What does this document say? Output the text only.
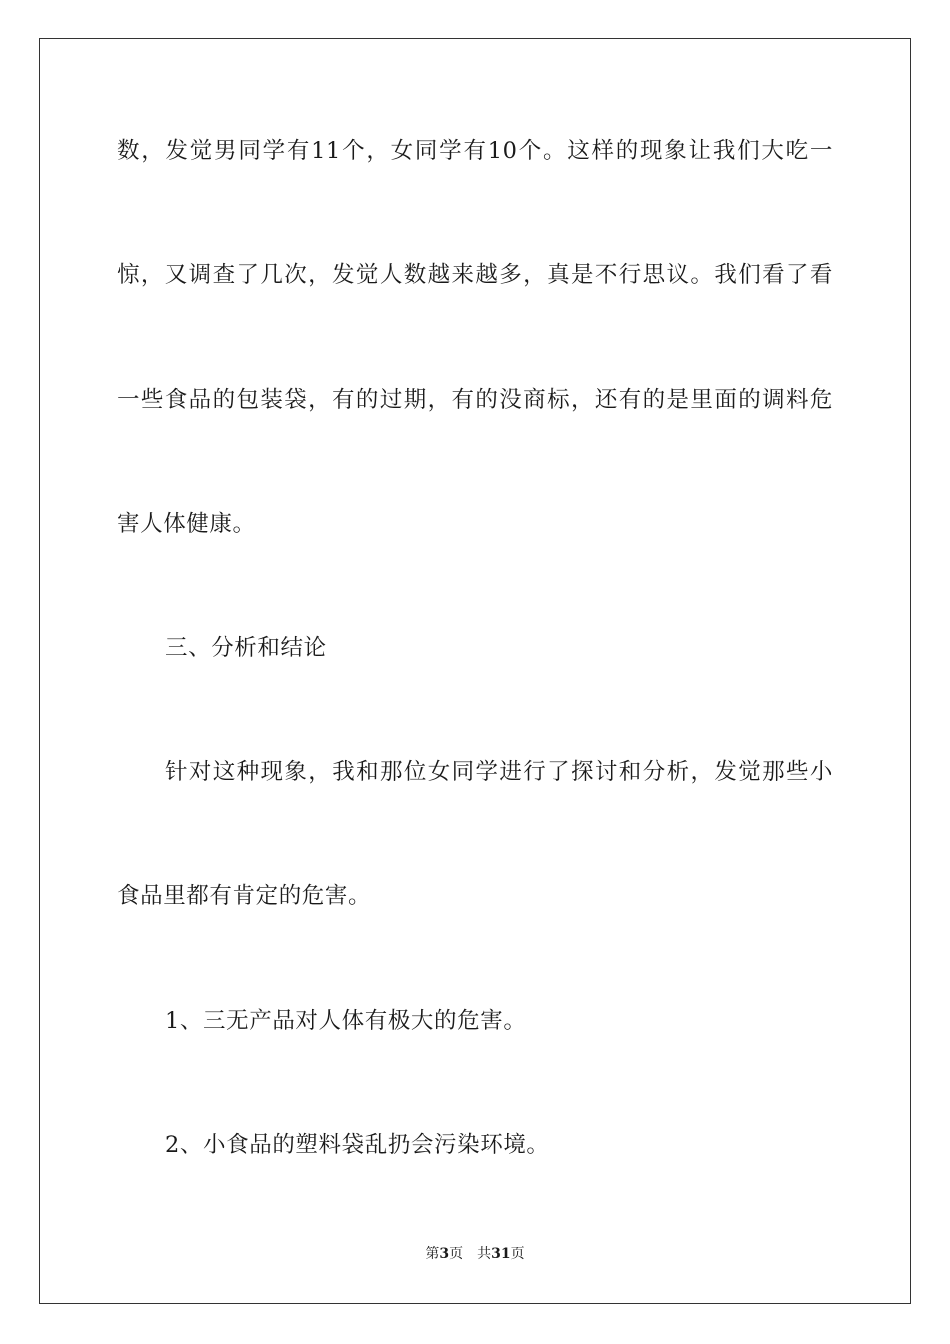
数，发觉男同学有11个，女同学有10个。这样的现象让我们大吃一
惊，又调查了几次，发觉人数越来越多，真是不行思议。我们看了看
一些食品的包装袋，有的过期，有的没商标，还有的是里面的调料危
害人体健康。
三、分析和结论
针对这种现象，我和那位女同学进行了探讨和分析，发觉那些小
食品里都有肯定的危害。
1、三无产品对人体有极大的危害。
2、小食品的塑料袋乱扔会污染环境。
第3页 共31页
